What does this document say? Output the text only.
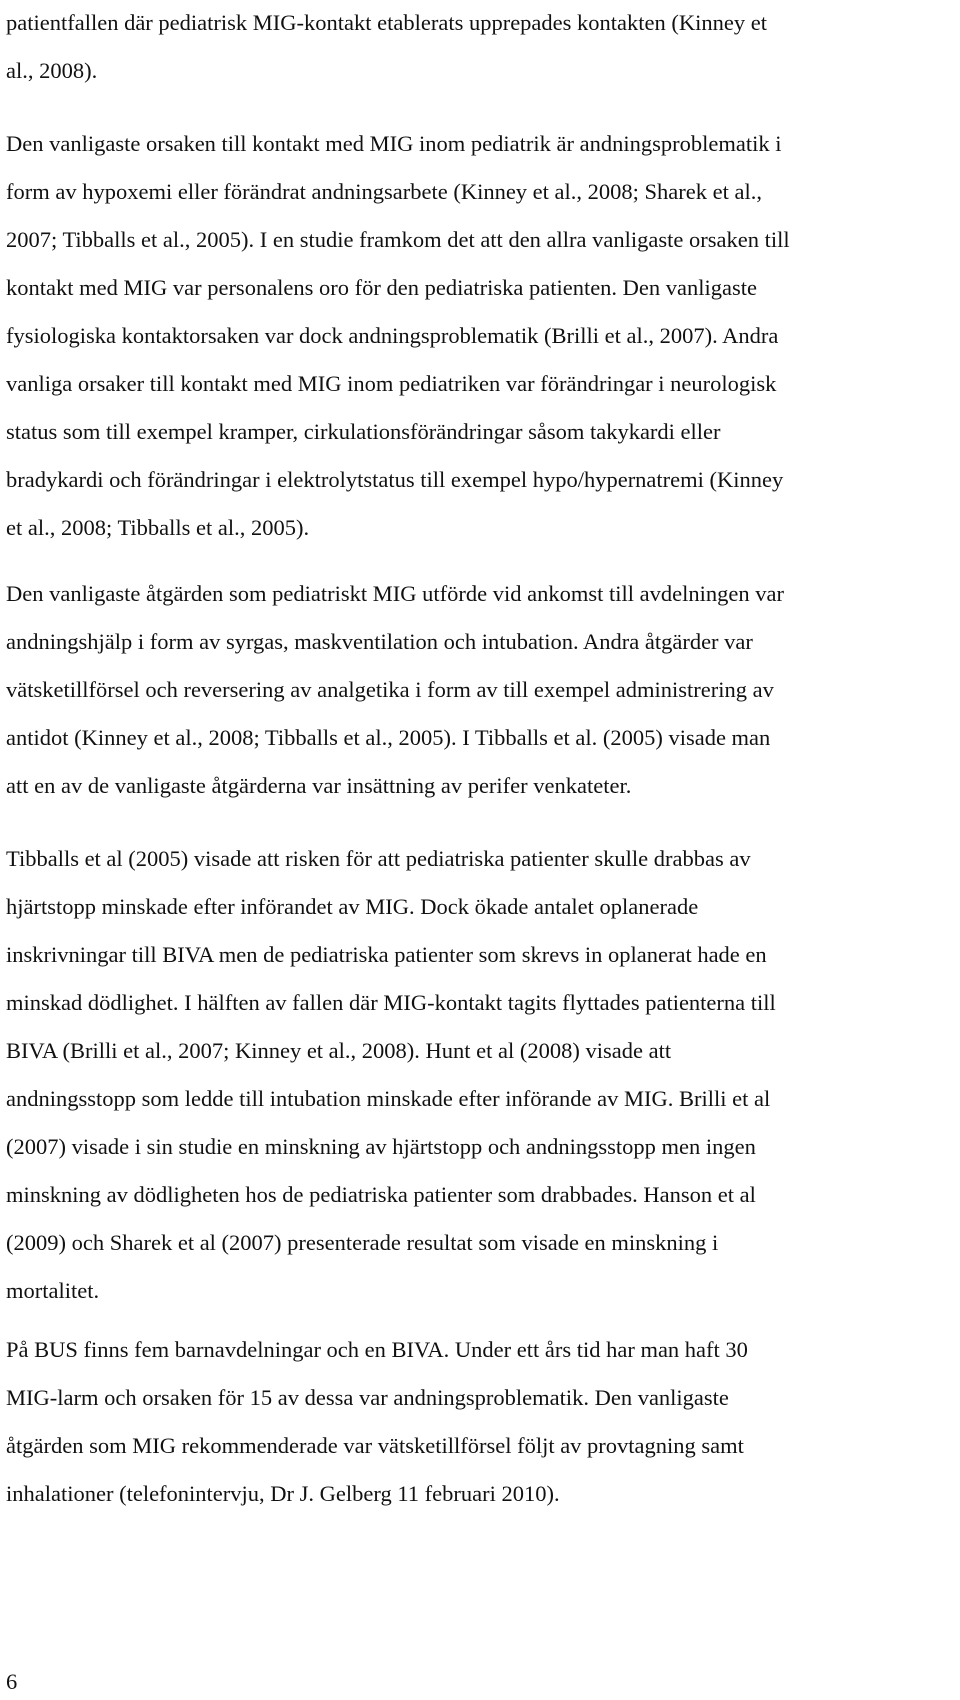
patientfallen där pediatrisk MIG-kontakt etablerats upprepades kontakten (Kinney et
al., 2008).
Den vanligaste orsaken till kontakt med MIG inom pediatrik är andningsproblematik i
form av hypoxemi eller förändrat andningsarbete (Kinney et al., 2008; Sharek et al.,
2007; Tibballs et al., 2005). I en studie framkom det att den allra vanligaste orsaken till
kontakt med MIG var personalens oro för den pediatriska patienten. Den vanligaste
fysiologiska kontaktorsaken var dock andningsproblematik (Brilli et al., 2007). Andra
vanliga orsaker till kontakt med MIG inom pediatriken var förändringar i neurologisk
status som till exempel kramper, cirkulationsförändringar såsom takykardi eller
bradykardi och förändringar i elektrolytstatus till exempel hypo/hypernatremi (Kinney
et al., 2008; Tibballs et al., 2005).
Den vanligaste åtgärden som pediatriskt MIG utförde vid ankomst till avdelningen var
andningshjälp i form av syrgas, maskventilation och intubation. Andra åtgärder var
vätsketillförsel och reversering av analgetika i form av till exempel administrering av
antidot (Kinney et al., 2008; Tibballs et al., 2005). I Tibballs et al. (2005) visade man
att en av de vanligaste åtgärderna var insättning av perifer venkateter.
Tibballs et al (2005) visade att risken för att pediatriska patienter skulle drabbas av
hjärtstopp minskade efter införandet av MIG. Dock ökade antalet oplanerade
inskrivningar till BIVA men de pediatriska patienter som skrevs in oplanerat hade en
minskad dödlighet. I hälften av fallen där MIG-kontakt tagits flyttades patienterna till
BIVA (Brilli et al., 2007; Kinney et al., 2008). Hunt et al (2008) visade att
andningsstopp som ledde till intubation minskade efter införande av MIG. Brilli et al
(2007) visade i sin studie en minskning av hjärtstopp och andningsstopp men ingen
minskning av dödligheten hos de pediatriska patienter som drabbades. Hanson et al
(2009) och Sharek et al (2007) presenterade resultat som visade en minskning i
mortalitet.
På BUS finns fem barnavdelningar och en BIVA. Under ett års tid har man haft 30
MIG-larm och orsaken för 15 av dessa var andningsproblematik. Den vanligaste
åtgärden som MIG rekommenderade var vätsketillförsel följt av provtagning samt
inhalationer (telefonintervju, Dr J. Gelberg 11 februari 2010).
6
